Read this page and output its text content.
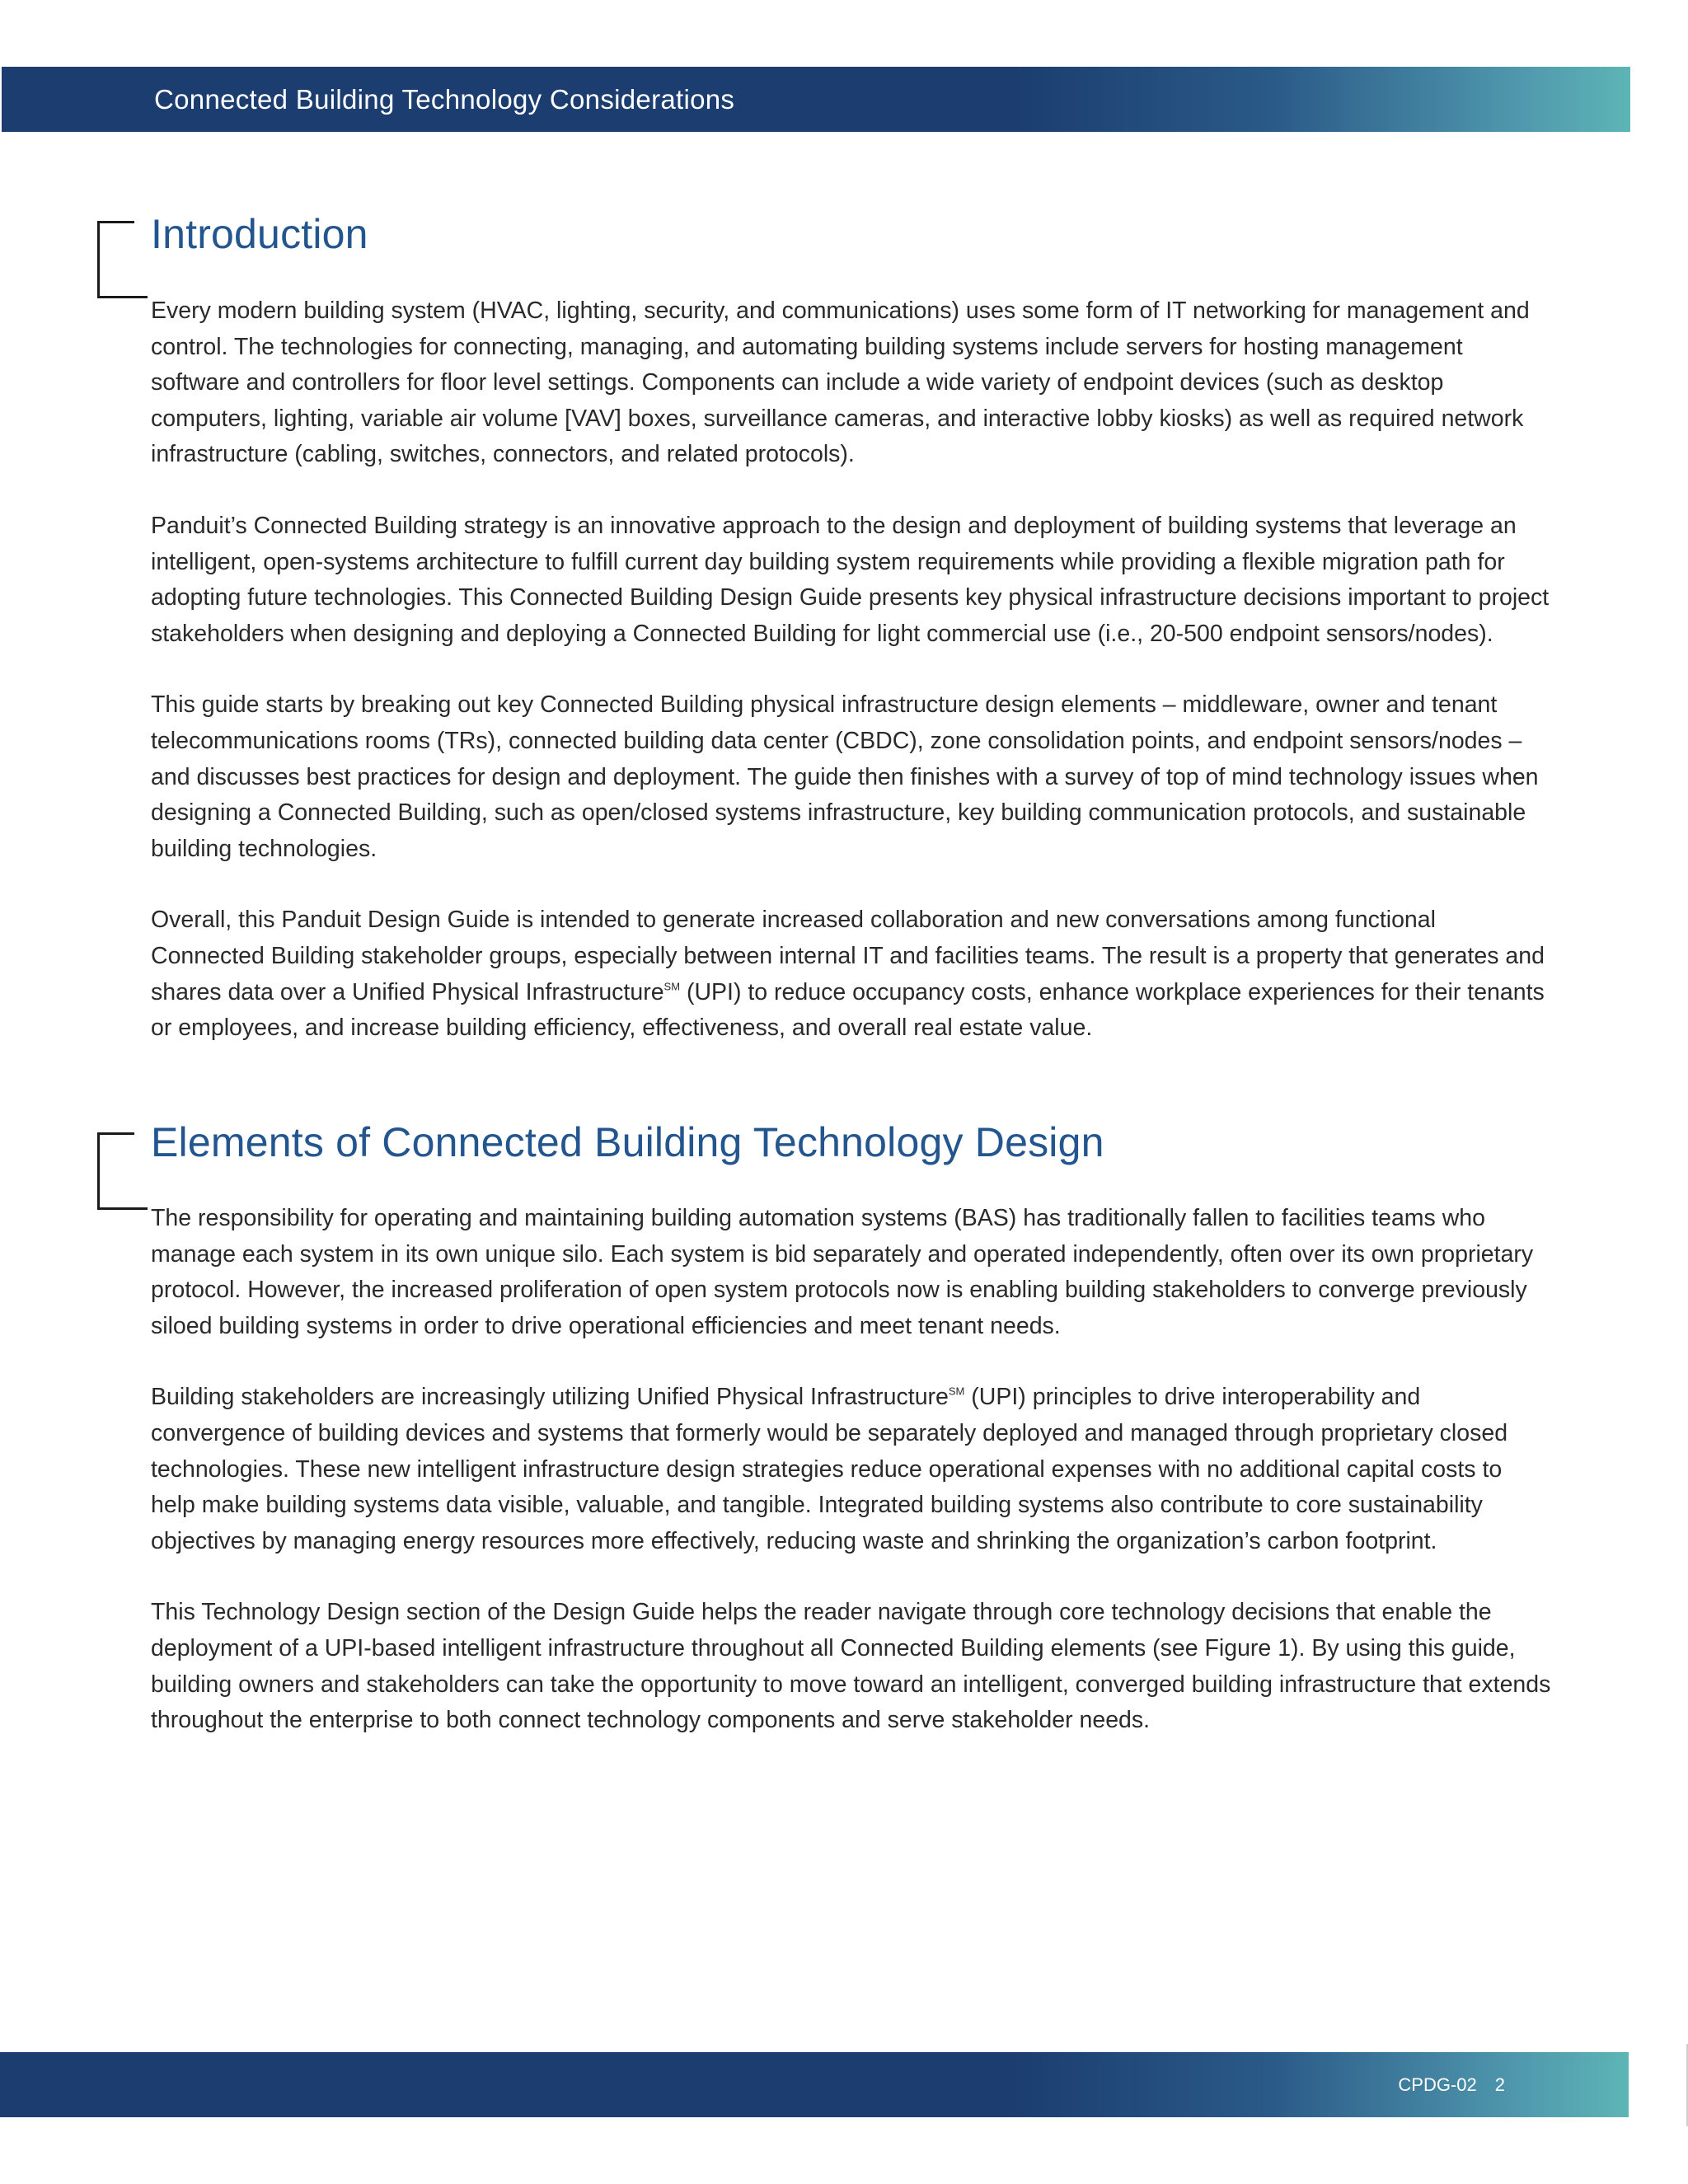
Connected Building Technology Considerations
Introduction

Every modern building system (HVAC, lighting, security, and communications) uses some form of IT networking for management and control. The technologies for connecting, managing, and automating building systems include servers for hosting management software and controllers for floor level settings. Components can include a wide variety of endpoint devices (such as desktop computers, lighting, variable air volume [VAV] boxes, surveillance cameras, and interactive lobby kiosks) as well as required network infrastructure (cabling, switches, connectors, and related protocols).

Panduit’s Connected Building strategy is an innovative approach to the design and deployment of building systems that leverage an intelligent, open-systems architecture to fulfill current day building system requirements while providing a flexible migration path for adopting future technologies. This Connected Building Design Guide presents key physical infrastructure decisions important to project stakeholders when designing and deploying a Connected Building for light commercial use (i.e., 20-500 endpoint sensors/nodes).

This guide starts by breaking out key Connected Building physical infrastructure design elements – middleware, owner and tenant telecommunications rooms (TRs), connected building data center (CBDC), zone consolidation points, and endpoint sensors/nodes – and discusses best practices for design and deployment. The guide then finishes with a survey of top of mind technology issues when designing a Connected Building, such as open/closed systems infrastructure, key building communication protocols, and sustainable building technologies.

Overall, this Panduit Design Guide is intended to generate increased collaboration and new conversations among functional Connected Building stakeholder groups, especially between internal IT and facilities teams. The result is a property that generates and shares data over a Unified Physical Infrastructure℠ (UPI) to reduce occupancy costs, enhance workplace experiences for their tenants or employees, and increase building efficiency, effectiveness, and overall real estate value.

Elements of Connected Building Technology Design

The responsibility for operating and maintaining building automation systems (BAS) has traditionally fallen to facilities teams who manage each system in its own unique silo. Each system is bid separately and operated independently, often over its own proprietary protocol. However, the increased proliferation of open system protocols now is enabling building stakeholders to converge previously siloed building systems in order to drive operational efficiencies and meet tenant needs.

Building stakeholders are increasingly utilizing Unified Physical Infrastructure℠ (UPI) principles to drive interoperability and convergence of building devices and systems that formerly would be separately deployed and managed through proprietary closed technologies. These new intelligent infrastructure design strategies reduce operational expenses with no additional capital costs to help make building systems data visible, valuable, and tangible. Integrated building systems also contribute to core sustainability objectives by managing energy resources more effectively, reducing waste and shrinking the organization’s carbon footprint.

This Technology Design section of the Design Guide helps the reader navigate through core technology decisions that enable the deployment of a UPI-based intelligent infrastructure throughout all Connected Building elements (see Figure 1). By using this guide, building owners and stakeholders can take the opportunity to move toward an intelligent, converged building infrastructure that extends throughout the enterprise to both connect technology components and serve stakeholder needs.

CPDG-02 2
